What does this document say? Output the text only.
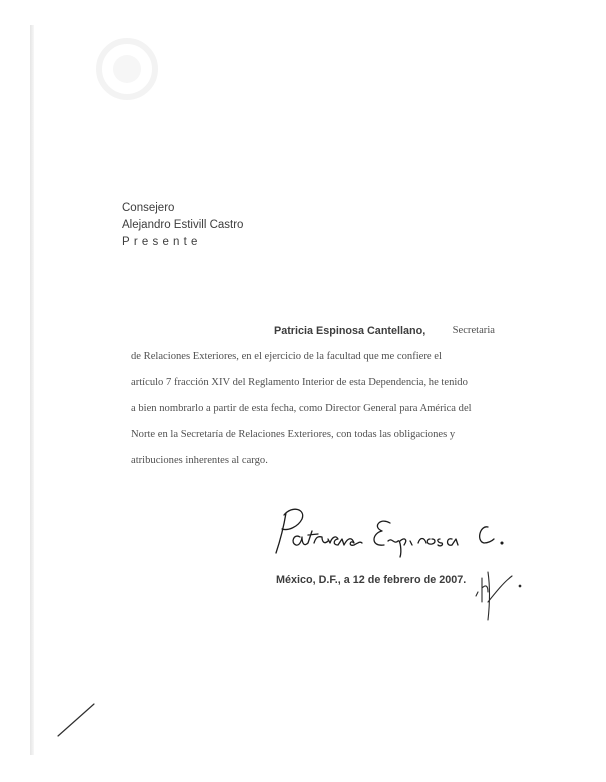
Consejero
Alejandro Estivill Castro
Presente
Patricia Espinosa Cantellano,	Secretaria
de Relaciones Exteriores, en el ejercicio de la facultad que me confiere el
artículo 7 fracción XIV del Reglamento Interior de esta Dependencia, he tenido
a bien nombrarlo a partir de esta fecha, como Director General para América del
Norte en la Secretaría de Relaciones Exteriores, con todas las obligaciones y
atribuciones inherentes al cargo.
México, D.F., a 12 de febrero de 2007.
